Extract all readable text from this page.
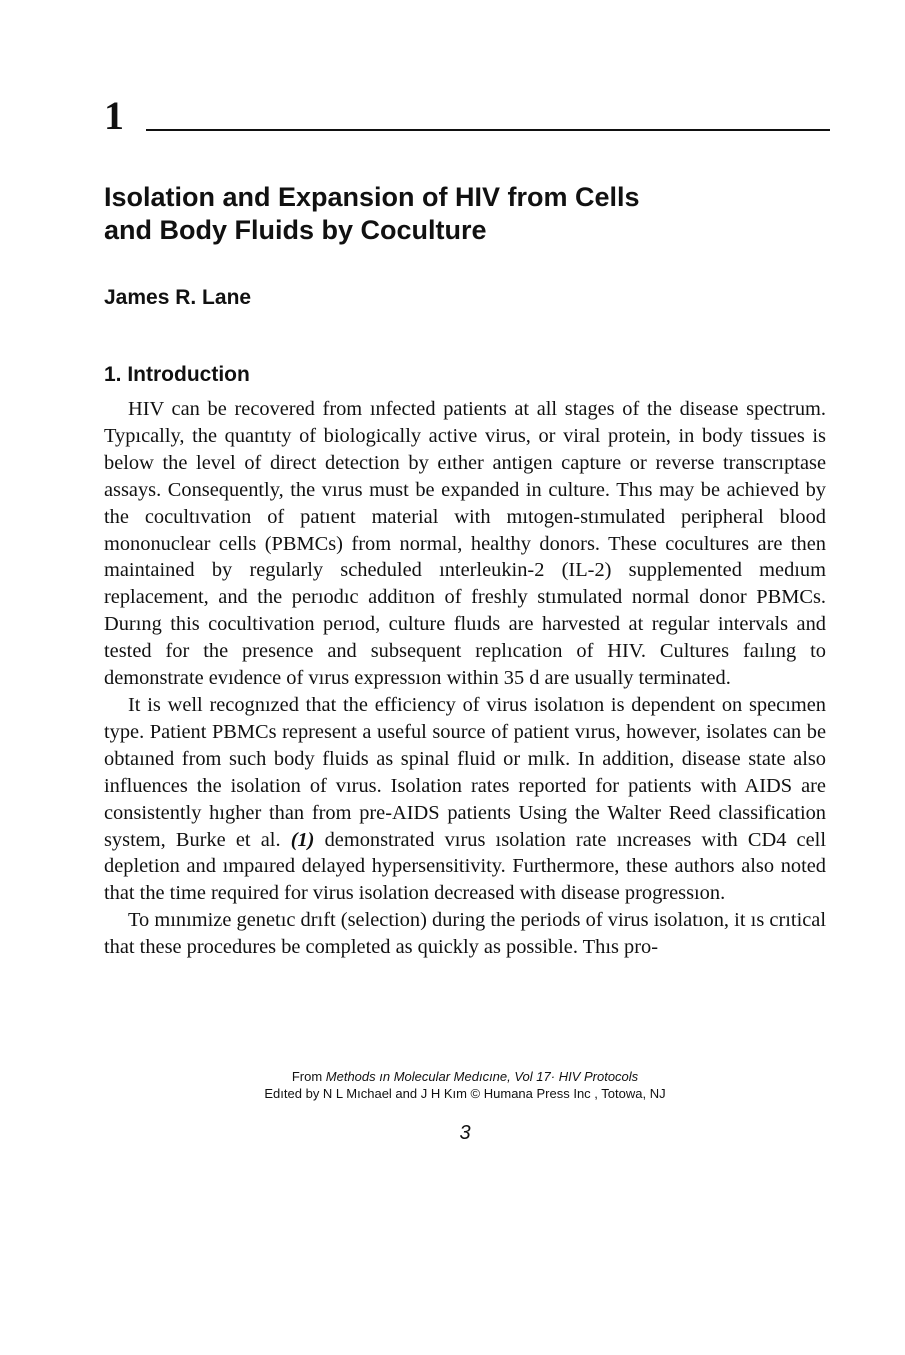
1
Isolation and Expansion of HIV from Cells
and Body Fluids by Coculture
James R. Lane
1. Introduction

HIV can be recovered from ınfected patients at all stages of the disease spectrum. Typıcally, the quantıty of biologically active virus, or viral protein, in body tissues is below the level of direct detection by eıther antigen capture or reverse transcrıptase assays. Consequently, the vırus must be expanded in culture. Thıs may be achieved by the cocultıvation of patıent material with mıtogen-stımulated peripheral blood mononuclear cells (PBMCs) from normal, healthy donors. These cocultures are then maintained by regularly scheduled ınterleukin-2 (IL-2) supplemented medıum replacement, and the perıodıc additıon of freshly stımulated normal donor PBMCs. Durıng this cocultivation perıod, culture fluıds are harvested at regular intervals and tested for the presence and subsequent replıcation of HIV. Cultures faılıng to demonstrate evıdence of vırus expressıon within 35 d are usually terminated.

It is well recognızed that the efficiency of virus isolatıon is dependent on specımen type. Patient PBMCs represent a useful source of patient vırus, however, isolates can be obtaıned from such body fluids as spinal fluid or mılk. In addition, disease state also influences the isolation of vırus. Isolation rates reported for patients with AIDS are consistently hıgher than from pre-AIDS patients Using the Walter Reed classification system, Burke et al. (1) demonstrated vırus ısolation rate ıncreases with CD4 cell depletion and ımpaıred delayed hypersensitivity. Furthermore, these authors also noted that the time required for virus isolation decreased with disease progressıon.

To mınımize genetıc drıft (selection) during the periods of virus isolatıon, it ıs crıtical that these procedures be completed as quickly as possible. Thıs pro-

From Methods ın Molecular Medıcıne, Vol 17· HIV Protocols
Edıted by N L Mıchael and J H Kım © Humana Press Inc , Totowa, NJ
3
